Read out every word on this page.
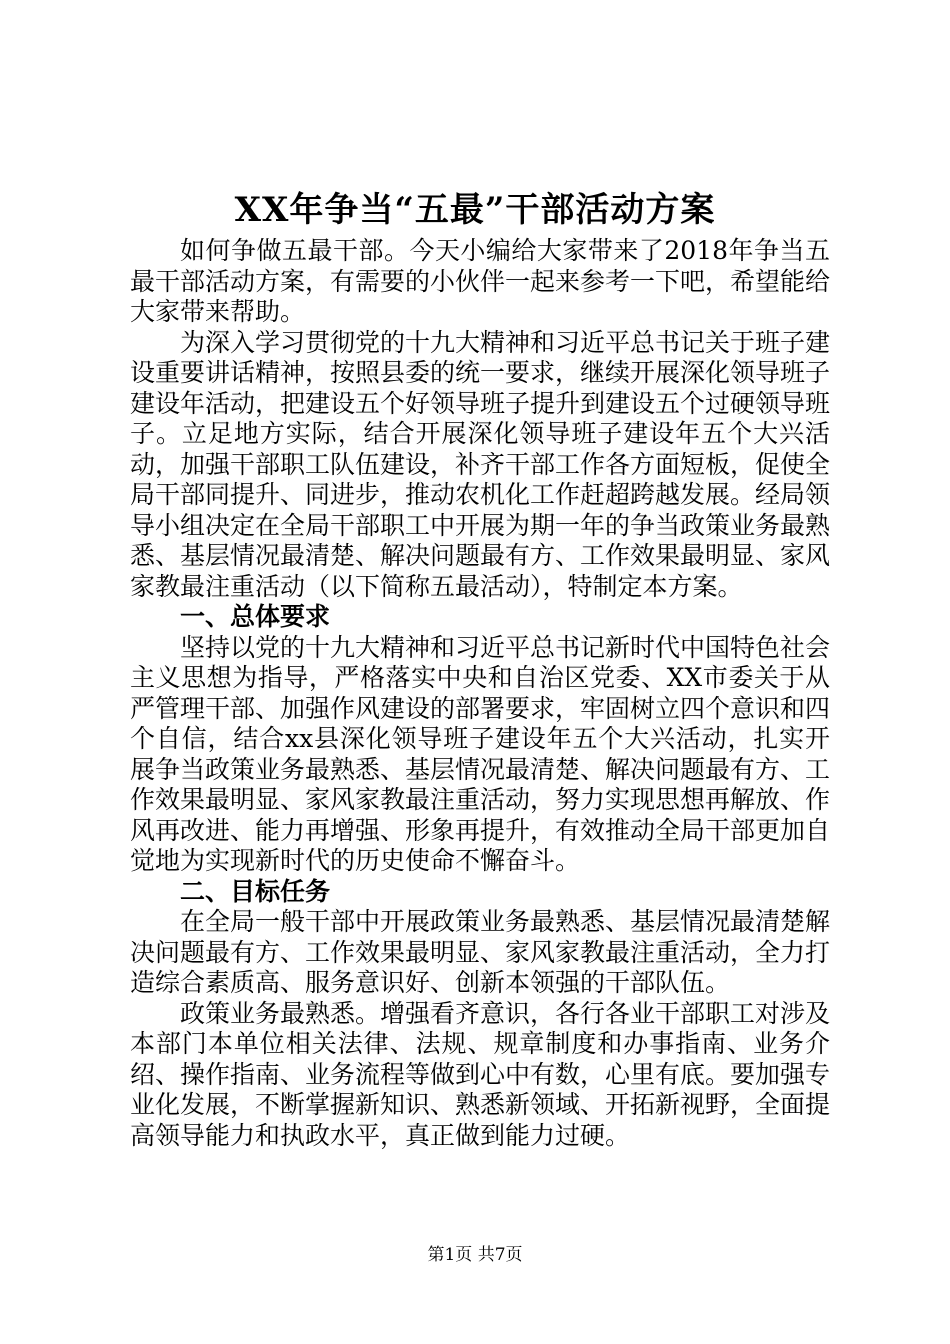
XX年争当“五最”干部活动方案

如何争做五最干部。今天小编给大家带来了2018年争当五最干部活动方案，有需要的小伙伴一起来参考一下吧，希望能给大家带来帮助。

为深入学习贯彻党的十九大精神和习近平总书记关于班子建设重要讲话精神，按照县委的统一要求，继续开展深化领导班子建设年活动，把建设五个好领导班子提升到建设五个过硬领导班子。立足地方实际，结合开展深化领导班子建设年五个大兴活动，加强干部职工队伍建设，补齐干部工作各方面短板，促使全局干部同提升、同进步，推动农机化工作赶超跨越发展。经局领导小组决定在全局干部职工中开展为期一年的争当政策业务最熟悉、基层情况最清楚、解决问题最有方、工作效果最明显、家风家教最注重活动（以下简称五最活动），特制定本方案。

一、总体要求

坚持以党的十九大精神和习近平总书记新时代中国特色社会主义思想为指导，严格落实中央和自治区党委、XX市委关于从严管理干部、加强作风建设的部署要求，牢固树立四个意识和四个自信，结合xx县深化领导班子建设年五个大兴活动，扎实开展争当政策业务最熟悉、基层情况最清楚、解决问题最有方、工作效果最明显、家风家教最注重活动，努力实现思想再解放、作风再改进、能力再增强、形象再提升，有效推动全局干部更加自觉地为实现新时代的历史使命不懈奋斗。

二、目标任务

在全局一般干部中开展政策业务最熟悉、基层情况最清楚解决问题最有方、工作效果最明显、家风家教最注重活动，全力打造综合素质高、服务意识好、创新本领强的干部队伍。

政策业务最熟悉。增强看齐意识，各行各业干部职工对涉及本部门本单位相关法律、法规、规章制度和办事指南、业务介绍、操作指南、业务流程等做到心中有数，心里有底。要加强专业化发展，不断掌握新知识、熟悉新领域、开拓新视野，全面提高领导能力和执政水平，真正做到能力过硬。

第1页 共7页
